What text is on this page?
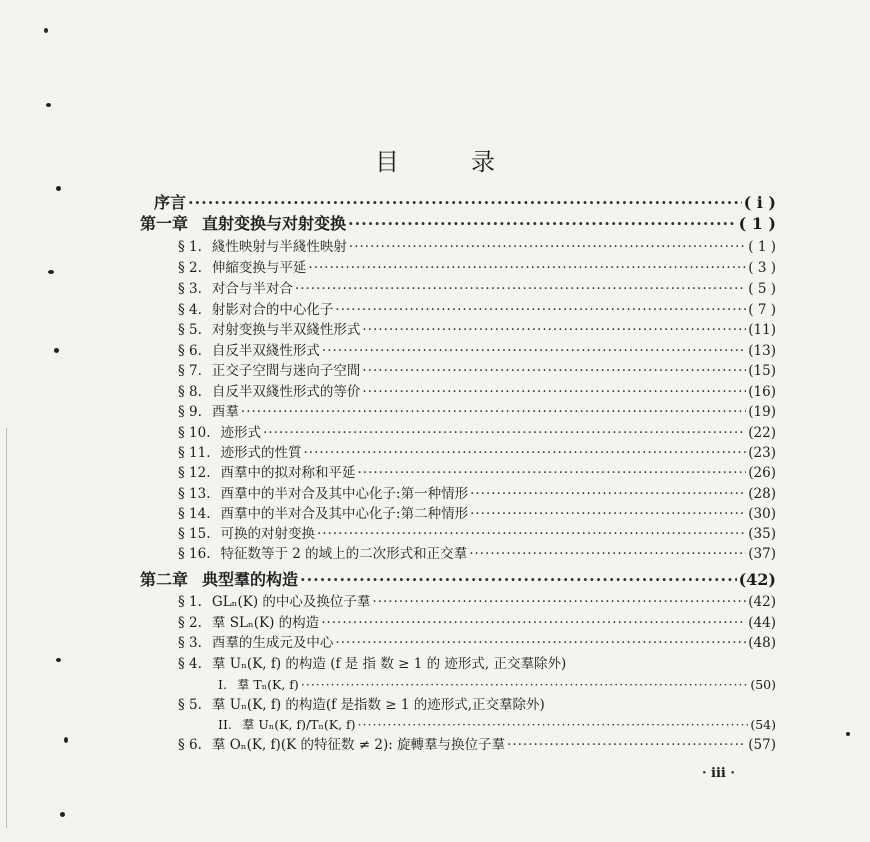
目	录
序言 ·····	( i )
第一章 直射变换与对射变换 ·····	( 1 )
§ 1. 綫性映射与半綫性映射 ·····	( 1 )
§ 2. 伸縮变换与平延 ·····	( 3 )
§ 3. 对合与半对合 ·····	( 5 )
§ 4. 射影对合的中心化子 ·····	( 7 )
§ 5. 对射变换与半双綫性形式 ·····	(11)
§ 6. 自反半双綫性形式 ·····	(13)
§ 7. 正交子空間与迷向子空間 ·····	(15)
§ 8. 自反半双綫性形式的等价 ·····	(16)
§ 9. 酉羣 ·····	(19)
§ 10. 迹形式 ·····	(22)
§ 11. 迹形式的性質 ·····	(23)
§ 12. 酉羣中的拟对称和平延 ·····	(26)
§ 13. 酉羣中的半对合及其中心化子:第一种情形 ·····	(28)
§ 14. 酉羣中的半对合及其中心化子:第二种情形 ·····	(30)
§ 15. 可换的对射变换 ·····	(35)
§ 16. 特征数等于 2 的域上的二次形式和正交羣 ·····	(37)
第二章 典型羣的构造 ·····	(42)
§ 1. GLₙ(K) 的中心及换位子羣 ·····	(42)
§ 2. 羣 SLₙ(K) 的构造 ·····	(44)
§ 3. 酉羣的生成元及中心 ·····	(48)
§ 4. 羣 Uₙ(K, f) 的构造 (f 是 指 数 ≥ 1 的 迹形式, 正交羣除外)
I. 羣 Tₙ(K, f) ·····	(50)
§ 5. 羣 Uₙ(K, f) 的构造(f 是指数 ≥ 1 的迹形式,正交羣除外)
II. 羣 Uₙ(K, f)/Tₙ(K, f) ·····	(54)
§ 6. 羣 Oₙ(K, f)(K 的特征数 ≠ 2): 旋轉羣与换位子羣 ·····	(57)
· iii ·
